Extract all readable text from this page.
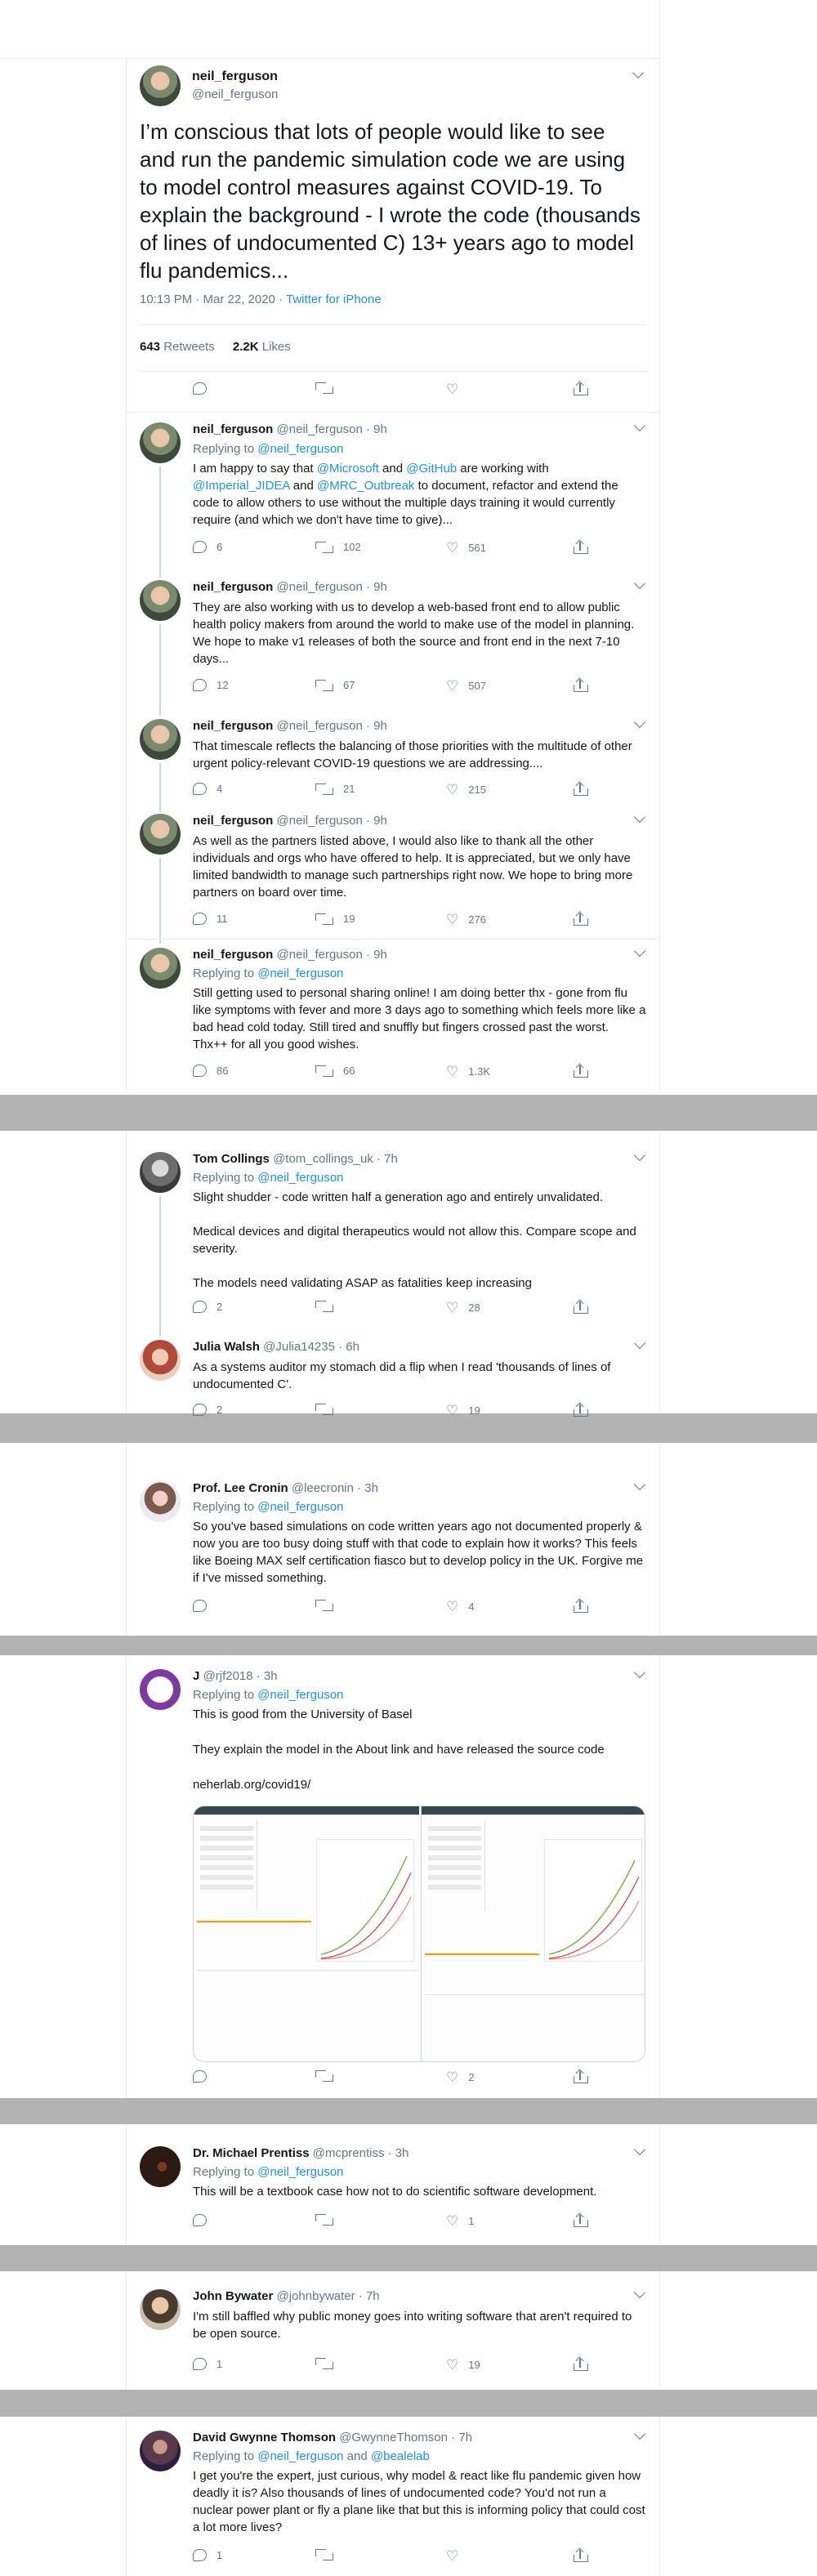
neil_ferguson
@neil_ferguson
I’m conscious that lots of people would like to see and run the pandemic simulation code we are using to model control measures against COVID-19. To explain the background - I wrote the code (thousands of lines of undocumented C) 13+ years ago to model flu pandemics...
10:13 PM · Mar 22, 2020 · Twitter for iPhone
643 Retweets 2.2K Likes
♡
neil_ferguson @neil_ferguson · 9h
Replying to @neil_ferguson
I am happy to say that @Microsoft and @GitHub are working with @Imperial_JIDEA and @MRC_Outbreak to document, refactor and extend the code to allow others to use without the multiple days training it would currently require (and which we don't have time to give)...
6	102	♡ 561
neil_ferguson @neil_ferguson · 9h
They are also working with us to develop a web-based front end to allow public health policy makers from around the world to make use of the model in planning. We hope to make v1 releases of both the source and front end in the next 7-10 days...
12	67	♡ 507
neil_ferguson @neil_ferguson · 9h
That timescale reflects the balancing of those priorities with the multitude of other urgent policy-relevant COVID-19 questions we are addressing....
4	21	♡ 215
neil_ferguson @neil_ferguson · 9h
As well as the partners listed above, I would also like to thank all the other individuals and orgs who have offered to help. It is appreciated, but we only have limited bandwidth to manage such partnerships right now. We hope to bring more partners on board over time.
11	19	♡ 276
neil_ferguson @neil_ferguson · 9h
Replying to @neil_ferguson
Still getting used to personal sharing online! I am doing better thx - gone from flu like symptoms with fever and more 3 days ago to something which feels more like a bad head cold today. Still tired and snuffly but fingers crossed past the worst. Thx++ for all you good wishes.
86	66	♡ 1.3K
Tom Collings @tom_collings_uk · 7h
Replying to @neil_ferguson
Slight shudder - code written half a generation ago and entirely unvalidated.
Medical devices and digital therapeutics would not allow this. Compare scope and severity.
The models need validating ASAP as fatalities keep increasing
2	♡ 28
Julia Walsh @Julia14235 · 6h
As a systems auditor my stomach did a flip when I read 'thousands of lines of undocumented C'.
2	♡ 19
Prof. Lee Cronin @leecronin · 3h
Replying to @neil_ferguson
So you've based simulations on code written years ago not documented properly & now you are too busy doing stuff with that code to explain how it works? This feels like Boeing MAX self certification fiasco but to develop policy in the UK. Forgive me if I've missed something.
♡ 4
J @rjf2018 · 3h
Replying to @neil_ferguson
This is good from the University of Basel
They explain the model in the About link and have released the source code
neherlab.org/covid19/
♡ 2
Dr. Michael Prentiss @mcprentiss · 3h
Replying to @neil_ferguson
This will be a textbook case how not to do scientific software development.
♡ 1
John Bywater @johnbywater · 7h
I'm still baffled why public money goes into writing software that aren't required to be open source.
1	♡ 19
David Gwynne Thomson @GwynneThomson · 7h
Replying to @neil_ferguson and @bealelab
I get you're the expert, just curious, why model & react like flu pandemic given how deadly it is? Also thousands of lines of undocumented code? You'd not run a nuclear power plant or fly a plane like that but this is informing policy that could cost a lot more lives?
1	♡
